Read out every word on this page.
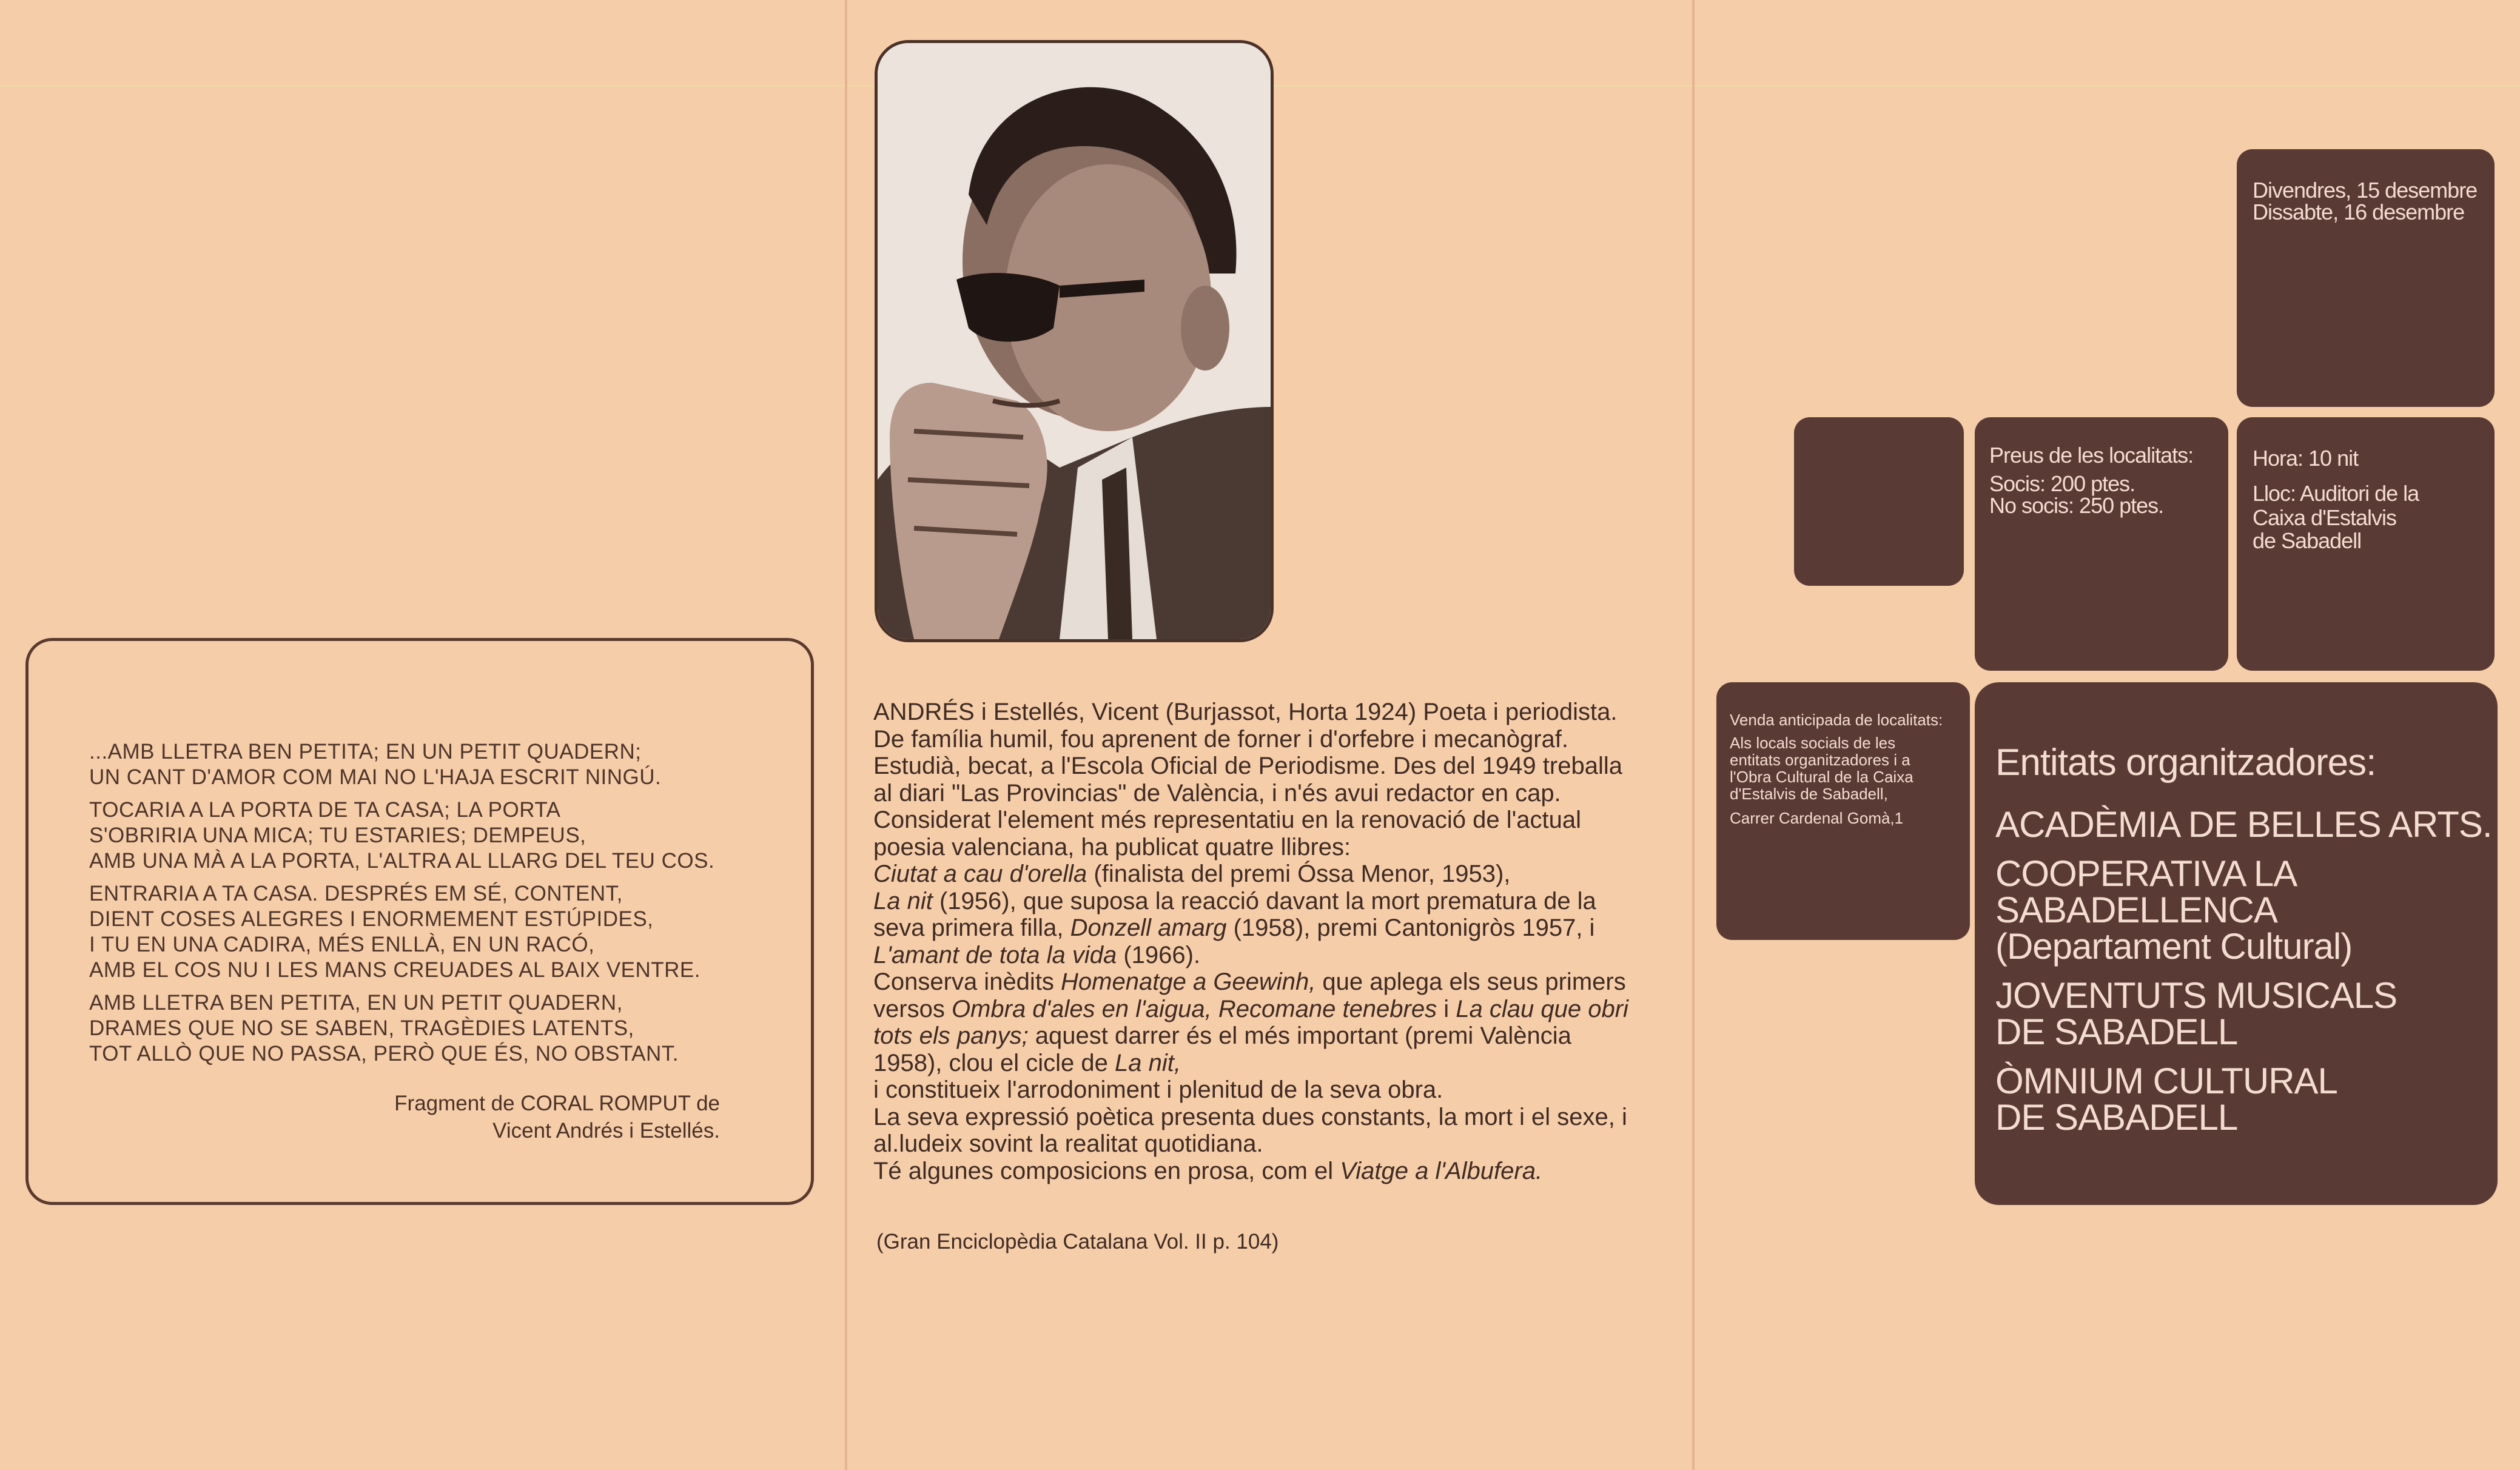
...AMB LLETRA BEN PETITA; EN UN PETIT QUADERN;
UN CANT D'AMOR COM MAI NO L'HAJA ESCRIT NINGÚ.
TOCARIA A LA PORTA DE TA CASA; LA PORTA
S'OBRIRIA UNA MICA; TU ESTARIES; DEMPEUS,
AMB UNA MÀ A LA PORTA, L'ALTRA AL LLARG DEL TEU COS.
ENTRARIA A TA CASA. DESPRÉS EM SÉ, CONTENT,
DIENT COSES ALEGRES I ENORMEMENT ESTÚPIDES,
I TU EN UNA CADIRA, MÉS ENLLÀ, EN UN RACÓ,
AMB EL COS NU I LES MANS CREUADES AL BAIX VENTRE.
AMB LLETRA BEN PETITA, EN UN PETIT QUADERN,
DRAMES QUE NO SE SABEN, TRAGÈDIES LATENTS,
TOT ALLÒ QUE NO PASSA, PERÒ QUE ÉS, NO OBSTANT.
Fragment de CORAL ROMPUT de
Vicent Andrés i Estellés.

ANDRÉS i Estellés, Vicent (Burjassot, Horta 1924) Poeta i periodista. De família humil, fou aprenent de forner i d'orfebre i mecanògraf. Estudià, becat, a l'Escola Oficial de Periodisme. Des del 1949 treballa al diari "Las Provincias" de València, i n'és avui redactor en cap. Considerat l'element més representatiu en la renovació de l'actual poesia valenciana, ha publicat quatre llibres:
Ciutat a cau d'orella (finalista del premi Óssa Menor, 1953),
La nit (1956), que suposa la reacció davant la mort prematura de la seva primera filla, Donzell amarg (1958), premi Cantonigròs 1957, i L'amant de tota la vida (1966).
Conserva inèdits Homenatge a Geewinh, que aplega els seus primers versos Ombra d'ales en l'aigua, Recomane tenebres i La clau que obri tots els panys; aquest darrer és el més important (premi València 1958), clou el cicle de La nit,
i constitueix l'arrodoniment i plenitud de la seva obra.
La seva expressió poètica presenta dues constants, la mort i el sexe, i al.ludeix sovint la realitat quotidiana.
Té algunes composicions en prosa, com el Viatge a l'Albufera.

(Gran Enciclopèdia Catalana Vol. II p. 104)
Divendres, 15 desembre
Dissabte, 16 desembre
Preus de les localitats:
Socis: 200 ptes.
No socis: 250 ptes.
Hora: 10 nit
Lloc: Auditori de la
Caixa d'Estalvis
de Sabadell
Venda anticipada de localitats:
Als locals socials de les
entitats organitzadores i a
l'Obra Cultural de la Caixa
d'Estalvis de Sabadell,
Carrer Cardenal Gomà,1
Entitats organitzadores:
ACADÈMIA DE BELLES ARTS.
COOPERATIVA LA
SABADELLENCA
(Departament Cultural)
JOVENTUTS MUSICALS
DE SABADELL
ÒMNIUM CULTURAL
DE SABADELL
